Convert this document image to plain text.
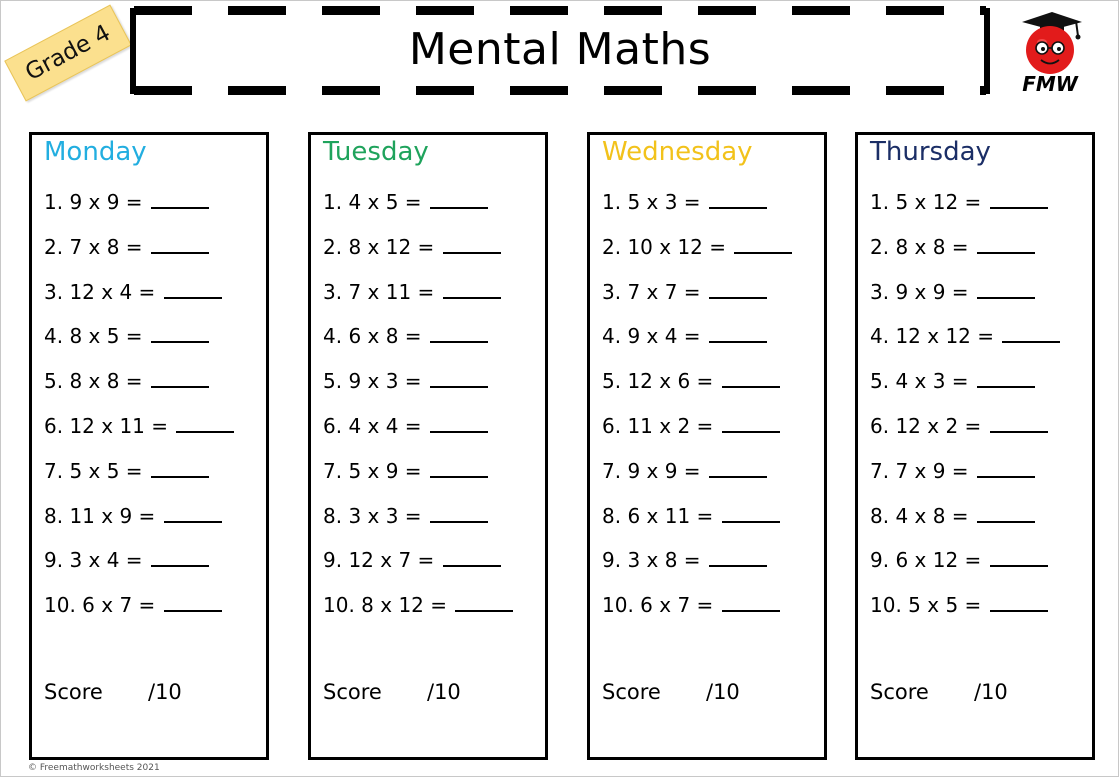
Grade 4	Mental Maths
FMW
Monday
1. 9 x 9 =
2. 7 x 8 =
3. 12 x 4 =
4. 8 x 5 =
5. 8 x 8 =
6. 12 x 11 =
7. 5 x 5 =
8. 11 x 9 =
9. 3 x 4 =
10. 6 x 7 =
Score /10
Tuesday
1. 4 x 5 =
2. 8 x 12 =
3. 7 x 11 =
4. 6 x 8 =
5. 9 x 3 =
6. 4 x 4 =
7. 5 x 9 =
8. 3 x 3 =
9. 12 x 7 =
10. 8 x 12 =
Score /10
Wednesday
1. 5 x 3 =
2. 10 x 12 =
3. 7 x 7 =
4. 9 x 4 =
5. 12 x 6 =
6. 11 x 2 =
7. 9 x 9 =
8. 6 x 11 =
9. 3 x 8 =
10. 6 x 7 =
Score /10
Thursday
1. 5 x 12 =
2. 8 x 8 =
3. 9 x 9 =
4. 12 x 12 =
5. 4 x 3 =
6. 12 x 2 =
7. 7 x 9 =
8. 4 x 8 =
9. 6 x 12 =
10. 5 x 5 =
Score /10
© Freemathworksheets 2021
